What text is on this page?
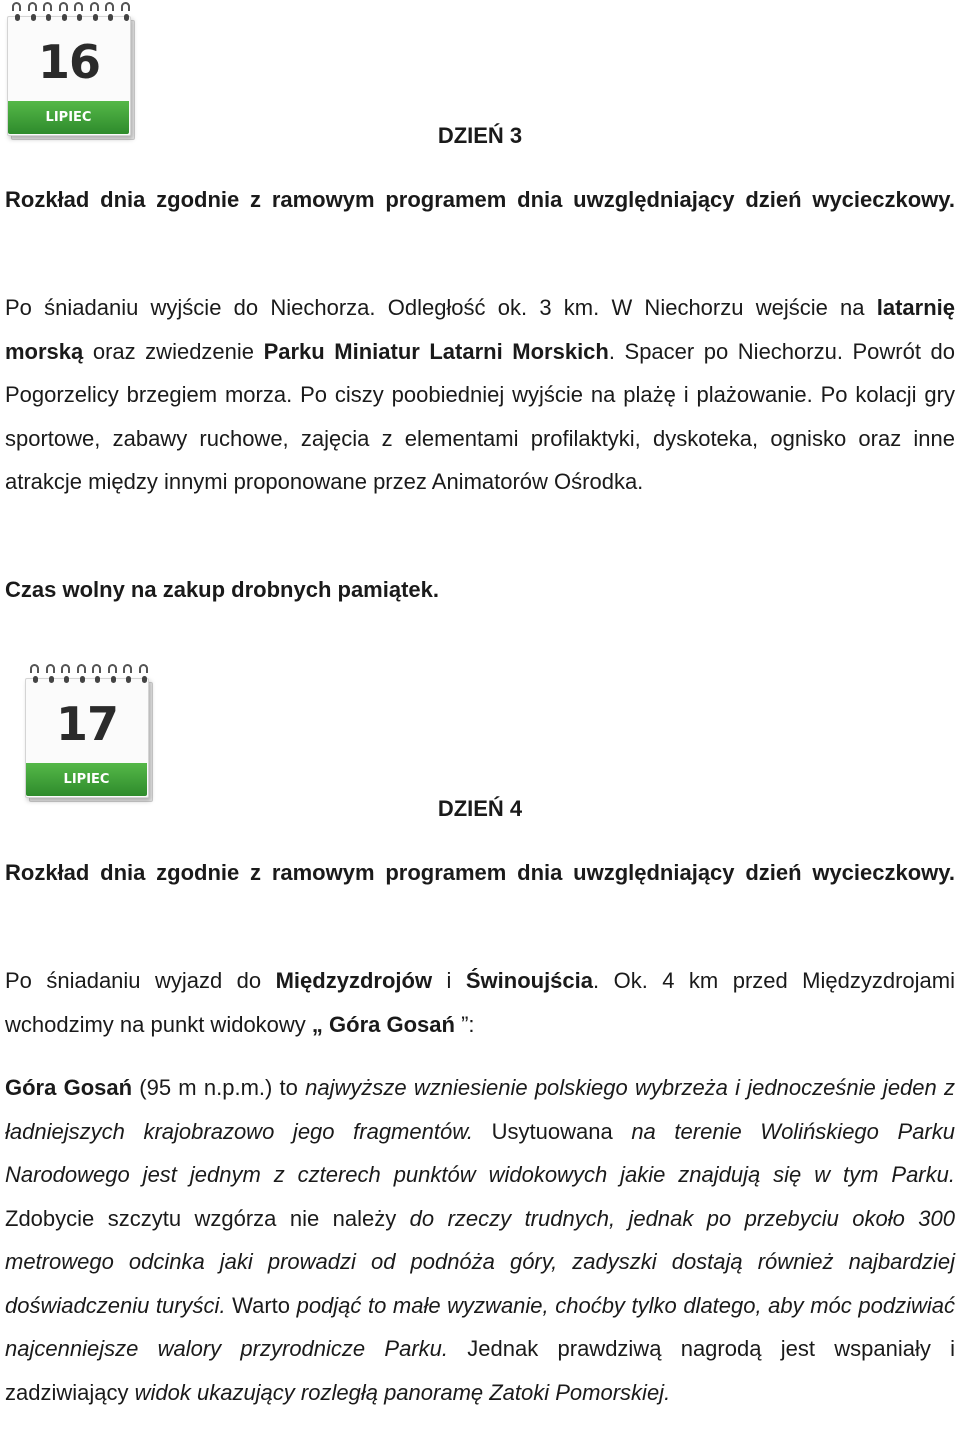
16
LIPIEC

DZIEŃ 3

Rozkład dnia zgodnie z ramowym programem dnia uwzględniający dzień wycieczkowy.

Po śniadaniu wyjście do Niechorza. Odległość ok. 3 km. W Niechorzu wejście na latarnię morską oraz zwiedzenie Parku Miniatur Latarni Morskich. Spacer po Niechorzu. Powrót do Pogorzelicy brzegiem morza. Po ciszy poobiedniej wyjście na plażę i plażowanie. Po kolacji gry sportowe, zabawy ruchowe, zajęcia z elementami profilaktyki, dyskoteka, ognisko oraz inne atrakcje między innymi proponowane przez Animatorów Ośrodka.

Czas wolny na zakup drobnych pamiątek.

17
LIPIEC

DZIEŃ 4

Rozkład dnia zgodnie z ramowym programem dnia uwzględniający dzień wycieczkowy.

Po śniadaniu wyjazd do Międzyzdrojów i Świnoujścia. Ok. 4 km przed Międzyzdrojami wchodzimy na punkt widokowy „ Góra Gosań ”:

Góra Gosań (95 m n.p.m.) to najwyższe wzniesienie polskiego wybrzeża i jednocześnie jeden z ładniejszych krajobrazowo jego fragmentów. Usytuowana na terenie Wolińskiego Parku Narodowego jest jednym z czterech punktów widokowych jakie znajdują się w tym Parku. Zdobycie szczytu wzgórza nie należy do rzeczy trudnych, jednak po przebyciu około 300 metrowego odcinka jaki prowadzi od podnóża góry, zadyszki dostają również najbardziej doświadczeniu turyści. Warto podjąć to małe wyzwanie, choćby tylko dlatego, aby móc podziwiać najcenniejsze walory przyrodnicze Parku. Jednak prawdziwą nagrodą jest wspaniały i zadziwiający widok ukazujący rozległą panoramę Zatoki Pomorskiej.
